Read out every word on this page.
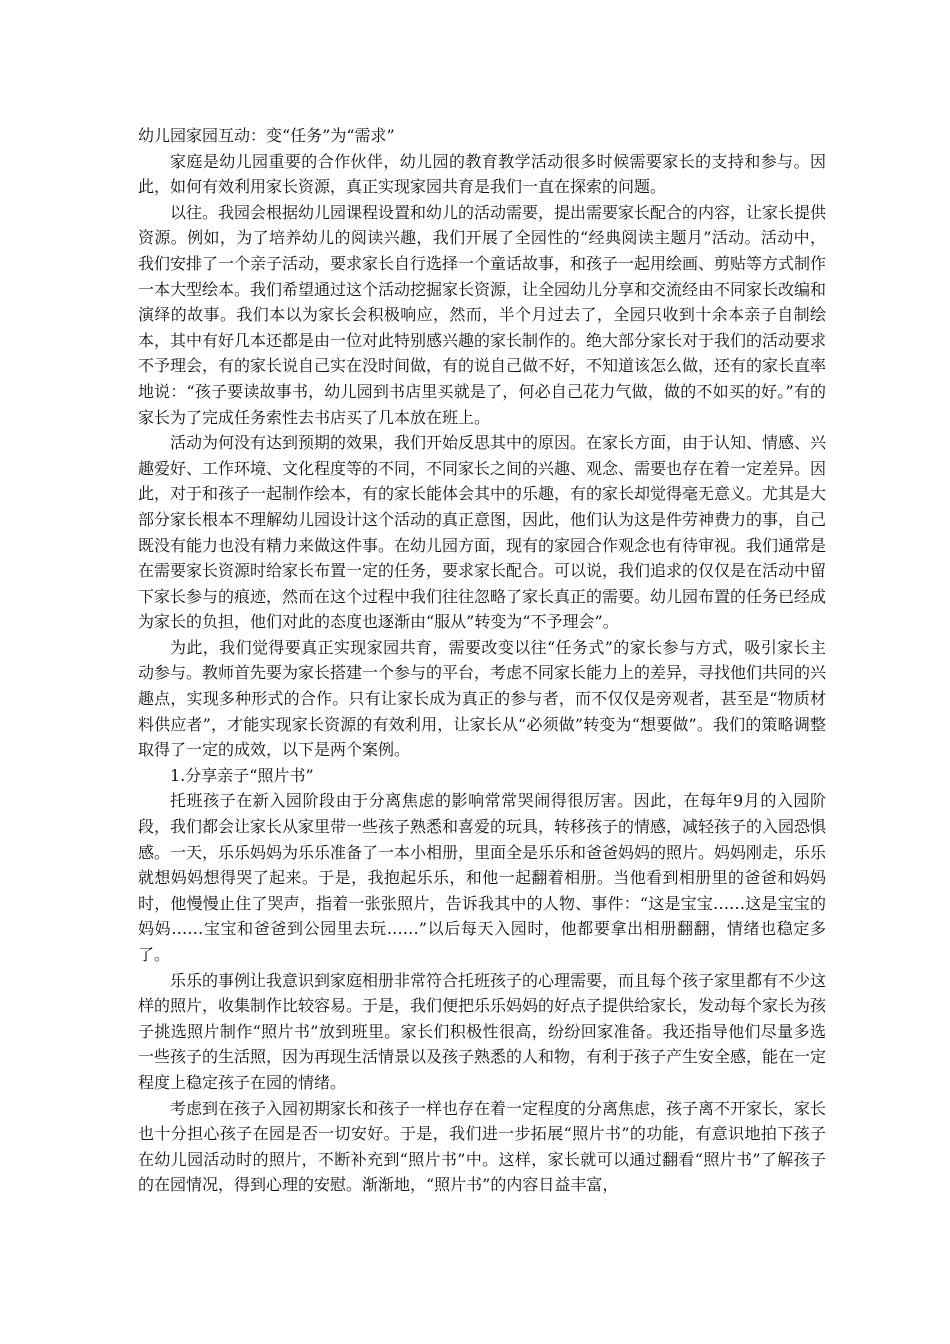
幼儿园家园互动：变“任务”为“需求”

家庭是幼儿园重要的合作伙伴，幼儿园的教育教学活动很多时候需要家长的支持和参与。因此，如何有效利用家长资源，真正实现家园共育是我们一直在探索的问题。

以往。我园会根据幼儿园课程设置和幼儿的活动需要，提出需要家长配合的内容，让家长提供资源。例如，为了培养幼儿的阅读兴趣，我们开展了全园性的“经典阅读主题月”活动。活动中，我们安排了一个亲子活动，要求家长自行选择一个童话故事，和孩子一起用绘画、剪贴等方式制作一本大型绘本。我们希望通过这个活动挖掘家长资源，让全园幼儿分享和交流经由不同家长改编和演绎的故事。我们本以为家长会积极响应，然而，半个月过去了，全园只收到十余本亲子自制绘本，其中有好几本还都是由一位对此特别感兴趣的家长制作的。绝大部分家长对于我们的活动要求不予理会，有的家长说自己实在没时间做，有的说自己做不好，不知道该怎么做，还有的家长直率地说：“孩子要读故事书，幼儿园到书店里买就是了，何必自己花力气做，做的不如买的好。”有的家长为了完成任务索性去书店买了几本放在班上。

活动为何没有达到预期的效果，我们开始反思其中的原因。在家长方面，由于认知、情感、兴趣爱好、工作环境、文化程度等的不同，不同家长之间的兴趣、观念、需要也存在着一定差异。因此，对于和孩子一起制作绘本，有的家长能体会其中的乐趣，有的家长却觉得毫无意义。尤其是大部分家长根本不理解幼儿园设计这个活动的真正意图，因此，他们认为这是件劳神费力的事，自己既没有能力也没有精力来做这件事。在幼儿园方面，现有的家园合作观念也有待审视。我们通常是在需要家长资源时给家长布置一定的任务，要求家长配合。可以说，我们追求的仅仅是在活动中留下家长参与的痕迹，然而在这个过程中我们往往忽略了家长真正的需要。幼儿园布置的任务已经成为家长的负担，他们对此的态度也逐渐由“服从”转变为“不予理会”。

为此，我们觉得要真正实现家园共育，需要改变以往“任务式”的家长参与方式，吸引家长主动参与。教师首先要为家长搭建一个参与的平台，考虑不同家长能力上的差异，寻找他们共同的兴趣点，实现多种形式的合作。只有让家长成为真正的参与者，而不仅仅是旁观者，甚至是“物质材料供应者”，才能实现家长资源的有效利用，让家长从“必须做”转变为“想要做”。我们的策略调整取得了一定的成效，以下是两个案例。

1.分享亲子“照片书”

托班孩子在新入园阶段由于分离焦虑的影响常常哭闹得很厉害。因此，在每年9月的入园阶段，我们都会让家长从家里带一些孩子熟悉和喜爱的玩具，转移孩子的情感，减轻孩子的入园恐惧感。一天，乐乐妈妈为乐乐准备了一本小相册，里面全是乐乐和爸爸妈妈的照片。妈妈刚走，乐乐就想妈妈想得哭了起来。于是，我抱起乐乐，和他一起翻着相册。当他看到相册里的爸爸和妈妈时，他慢慢止住了哭声，指着一张张照片，告诉我其中的人物、事件：“这是宝宝……这是宝宝的妈妈……宝宝和爸爸到公园里去玩……”以后每天入园时，他都要拿出相册翻翻，情绪也稳定多了。

乐乐的事例让我意识到家庭相册非常符合托班孩子的心理需要，而且每个孩子家里都有不少这样的照片，收集制作比较容易。于是，我们便把乐乐妈妈的好点子提供给家长，发动每个家长为孩子挑选照片制作“照片书”放到班里。家长们积极性很高，纷纷回家准备。我还指导他们尽量多选一些孩子的生活照，因为再现生活情景以及孩子熟悉的人和物，有利于孩子产生安全感，能在一定程度上稳定孩子在园的情绪。

考虑到在孩子入园初期家长和孩子一样也存在着一定程度的分离焦虑，孩子离不开家长，家长也十分担心孩子在园是否一切安好。于是，我们进一步拓展“照片书”的功能，有意识地拍下孩子在幼儿园活动时的照片，不断补充到“照片书”中。这样，家长就可以通过翻看“照片书”了解孩子的在园情况，得到心理的安慰。渐渐地，“照片书”的内容日益丰富，
